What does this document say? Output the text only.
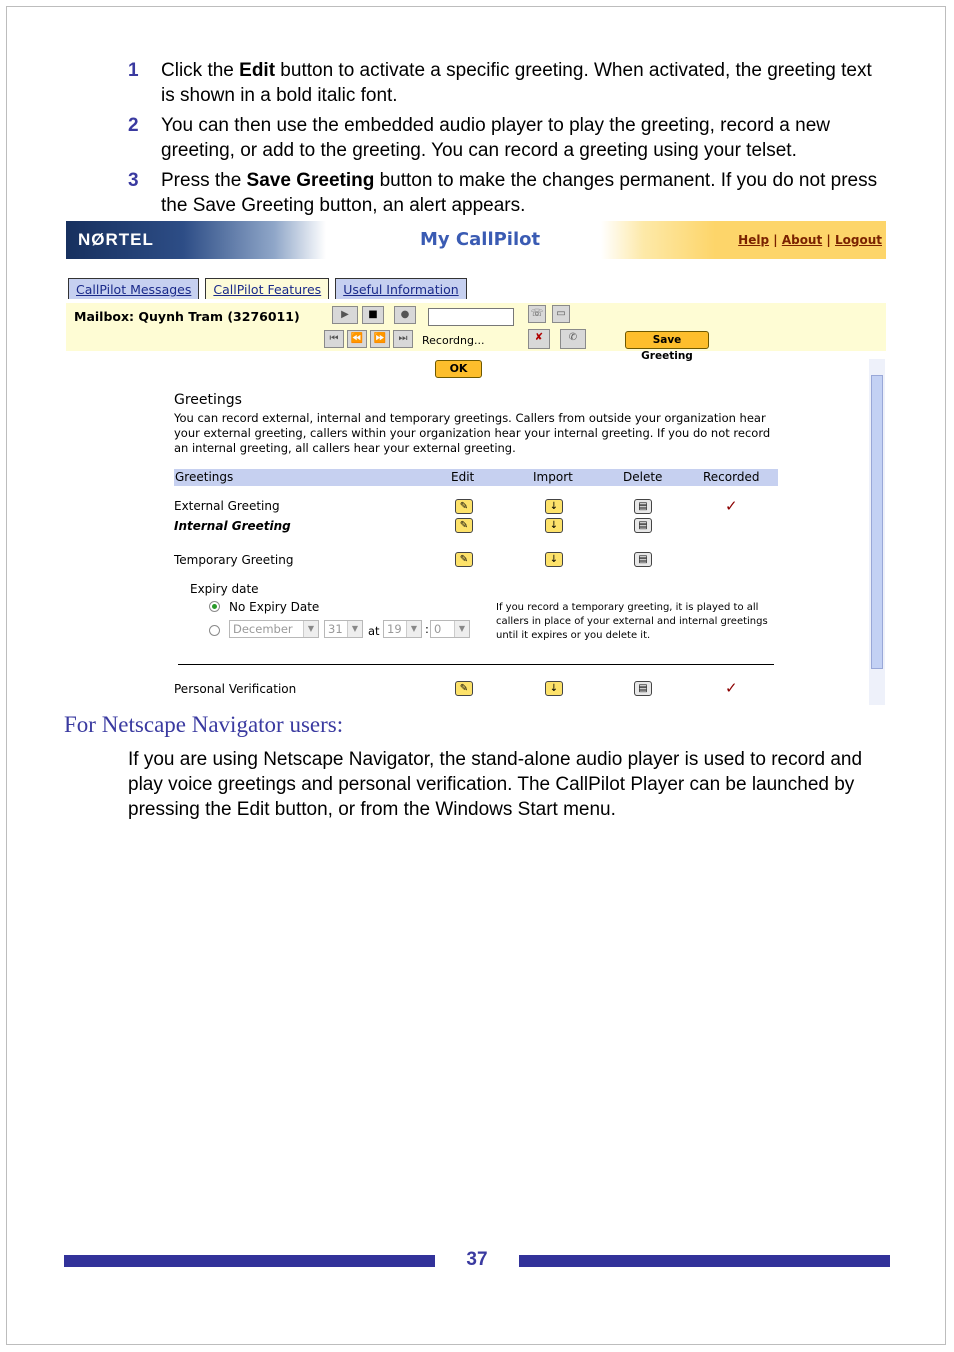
1	Click the Edit button to activate a specific greeting. When activated, the greeting text is shown in a bold italic font.
2	You can then use the embedded audio player to play the greeting, record a new greeting, or add to the greeting. You can record a greeting using your telset.
3	Press the Save Greeting button to make the changes permanent. If you do not press the Save Greeting button, an alert appears.
NØRTEL	My CallPilot	Help | About | Logout
CallPilot Messages	CallPilot Features	Useful Information
Mailbox: Quynh Tram (3276011)	▶	■	●	☏	▭
⏮	⏪	⏩	⏭	Recordng...	✘	✆	Save Greeting
OK
Greetings
You can record external, internal and temporary greetings. Callers from outside your organization hear your external greeting, callers within your organization hear your internal greeting. If you do not record an internal greeting, all callers hear your external greeting.
Greetings	Edit	Import	Delete	Recorded
External Greeting	✎	↓	▤	✓
Internal Greeting	✎	↓	▤
Temporary Greeting	✎	↓	▤
Expiry date
No Expiry Date
December	▼	31	▼ at 19	▼ : 0	▼
If you record a temporary greeting, it is played to all callers in place of your external and internal greetings until it expires or you delete it.
Personal Verification	✎	↓	▤	✓
For Netscape Navigator users:
If you are using Netscape Navigator, the stand-alone audio player is used to record and play voice greetings and personal verification. The CallPilot Player can be launched by pressing the Edit button, or from the Windows Start menu.
37
